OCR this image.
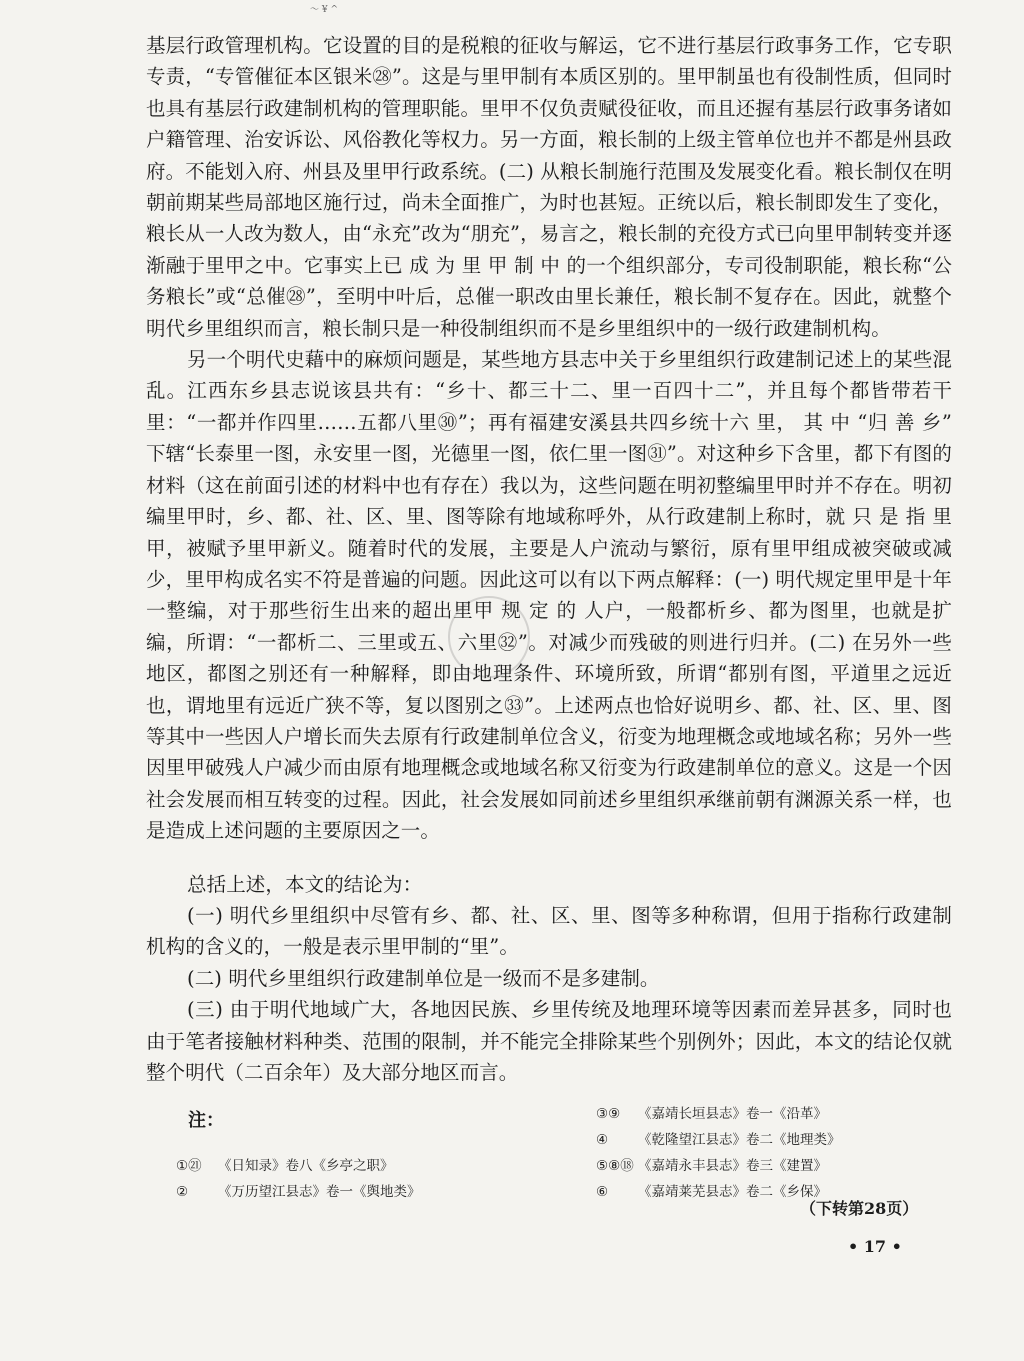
〜 ¥ ^

基层行政管理机构。它设置的目的是税粮的征收与解运，它不进行基层行政事务工作，它专职专责，“专管催征本区银米㉘”。这是与里甲制有本质区别的。里甲制虽也有役制性质，但同时也具有基层行政建制机构的管理职能。里甲不仅负责赋役征收，而且还握有基层行政事务诸如户籍管理、治安诉讼、风俗教化等权力。另一方面，粮长制的上级主管单位也并不都是州县政府。不能划入府、州县及里甲行政系统。(二) 从粮长制施行范围及发展变化看。粮长制仅在明朝前期某些局部地区施行过，尚未全面推广，为时也甚短。正统以后，粮长制即发生了变化，粮长从一人改为数人，由“永充”改为“朋充”，易言之，粮长制的充役方式已向里甲制转变并逐渐融于里甲之中。它事实上已 成 为 里 甲 制 中 的一个组织部分，专司役制职能，粮长称“公务粮长”或“总催㉘”，至明中叶后，总催一职改由里长兼任，粮长制不复存在。因此，就整个明代乡里组织而言，粮长制只是一种役制组织而不是乡里组织中的一级行政建制机构。

另一个明代史藉中的麻烦问题是，某些地方县志中关于乡里组织行政建制记述上的某些混乱。江西东乡县志说该县共有：“乡十、都三十二、里一百四十二”，并且每个都皆带若干里：“一都并作四里……五都八里㉚”；再有福建安溪县共四乡统十六 里， 其 中 “归 善 乡” 下辖“长泰里一图，永安里一图，光德里一图，依仁里一图㉛”。对这种乡下含里，都下有图的材料（这在前面引述的材料中也有存在）我以为，这些问题在明初整编里甲时并不存在。明初编里甲时，乡、都、社、区、里、图等除有地域称呼外，从行政建制上称时，就 只 是 指 里甲，被赋予里甲新义。随着时代的发展，主要是人户流动与繁衍，原有里甲组成被突破或减少，里甲构成名实不符是普遍的问题。因此这可以有以下两点解释：(一) 明代规定里甲是十年一整编，对于那些衍生出来的超出里甲 规 定 的 人户，一般都析乡、都为图里，也就是扩编，所谓：“一都析二、三里或五、六里㉜”。对减少而残破的则进行归并。(二) 在另外一些地区，都图之别还有一种解释，即由地理条件、环境所致，所谓“都别有图，平道里之远近也，谓地里有远近广狭不等，复以图别之㉝”。上述两点也恰好说明乡、都、社、区、里、图等其中一些因人户增长而失去原有行政建制单位含义，衍变为地理概念或地域名称；另外一些因里甲破残人户减少而由原有地理概念或地域名称又衍变为行政建制单位的意义。这是一个因社会发展而相互转变的过程。因此，社会发展如同前述乡里组织承继前朝有渊源关系一样，也是造成上述问题的主要原因之一。

总括上述，本文的结论为：

(一) 明代乡里组织中尽管有乡、都、社、区、里、图等多种称谓，但用于指称行政建制机构的含义的，一般是表示里甲制的“里”。

(二) 明代乡里组织行政建制单位是一级而不是多建制。

(三) 由于明代地域广大，各地因民族、乡里传统及地理环境等因素而差异甚多，同时也由于笔者接触材料种类、范围的限制，并不能完全排除某些个别例外；因此，本文的结论仅就整个明代（二百余年）及大部分地区而言。

注：
①㉑ 《日知录》卷八《乡亭之职》
② 《万历望江县志》卷一《舆地类》
③⑨ 《嘉靖长垣县志》卷一《沿革》
④ 《乾隆望江县志》卷二《地理类》
⑤⑧⑱ 《嘉靖永丰县志》卷三《建置》
⑥ 《嘉靖莱芜县志》卷二《乡保》
（下转第28页）
• 17 •
